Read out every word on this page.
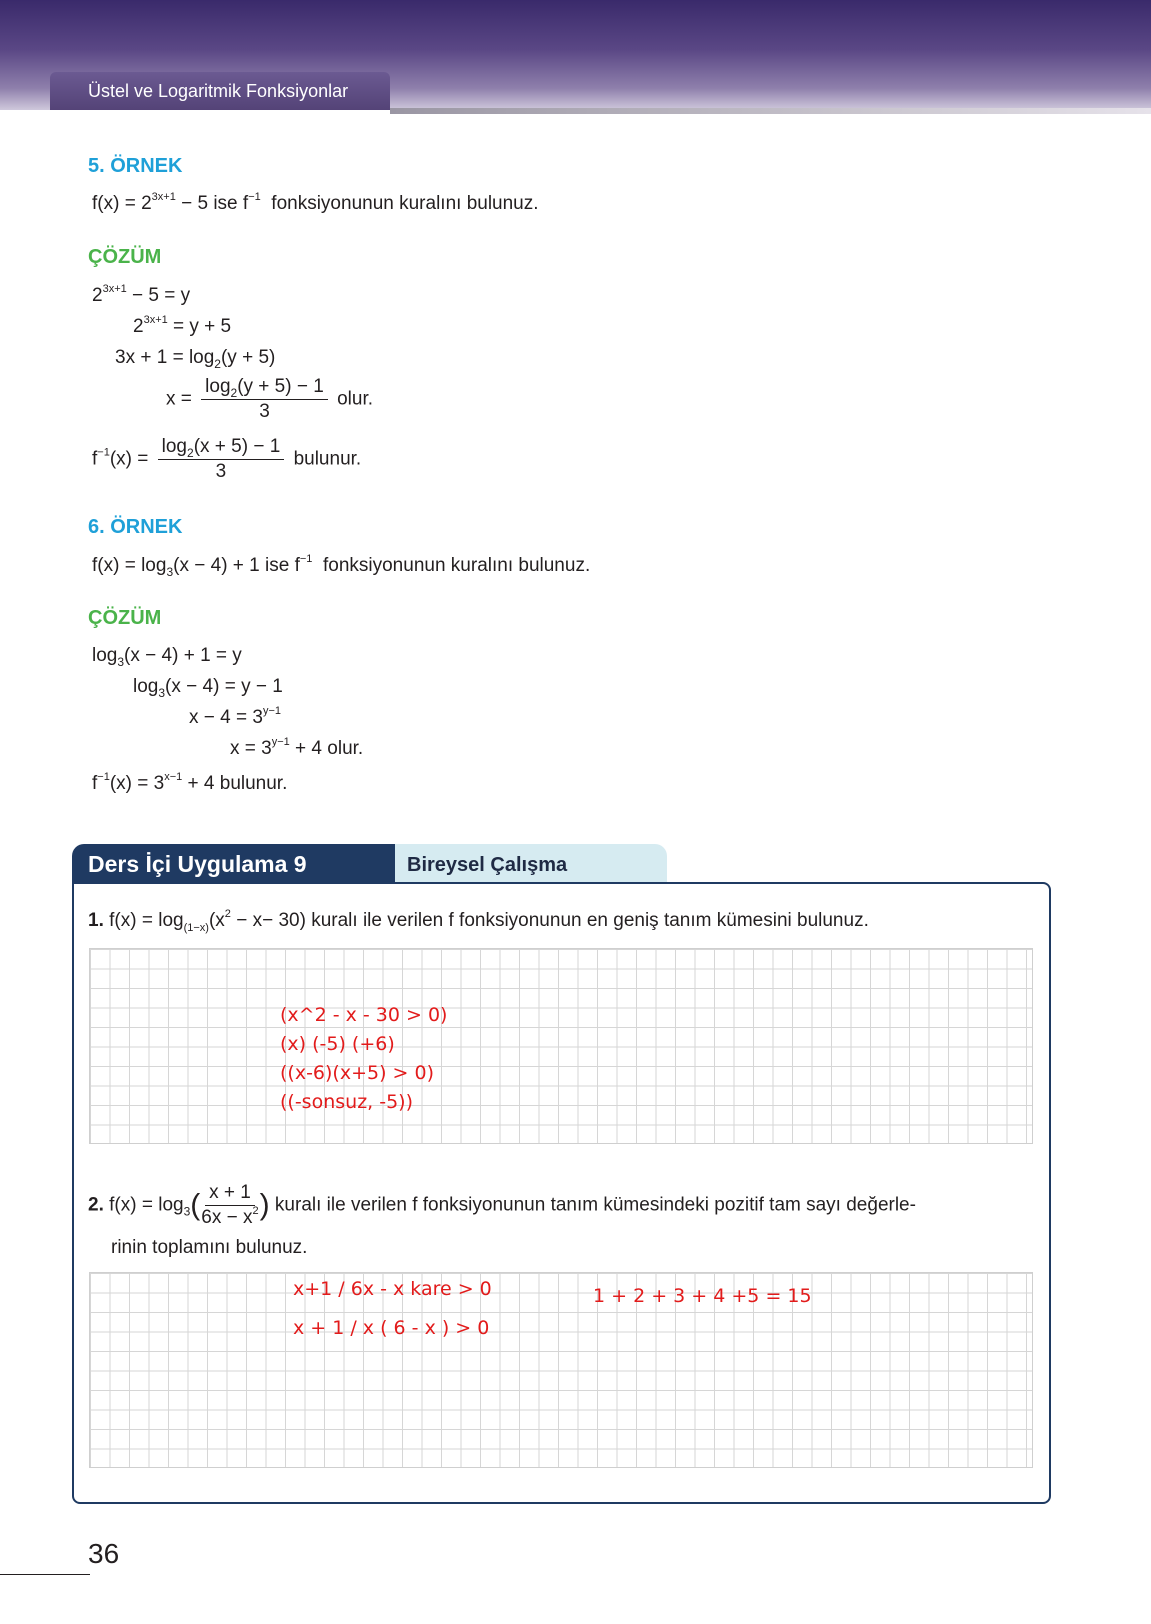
Üstel ve Logaritmik Fonksiyonlar
5. ÖRNEK
$f(x) = 2^{3x+1} - 5$ ise $f^{-1}$ fonksiyonunun kuralını bulunuz.
ÇÖZÜM
$2^{3x+1} - 5 = y$
$2^{3x+1} = y + 5$
$3x + 1 = \log_2(y + 5)$
$x = \frac{\log_2(y + 5) - 1}{3}$ olur.
$f^{-1}(x) = \frac{\log_2(x + 5) - 1}{3}$ bulunur.
6. ÖRNEK
$f(x) = \log_3(x - 4) + 1$ ise $f^{-1}$ fonksiyonunun kuralını bulunuz.
ÇÖZÜM
$\log_3(x - 4) + 1 = y$
$\log_3(x - 4) = y - 1$
$x - 4 = 3^{y-1}$
$x = 3^{y-1} + 4$ olur.
$f^{-1}(x) = 3^{x-1} + 4$ bulunur.
Ders İçi Uygulama 9	Bireysel Çalışma
1. $f(x) = \log_{(1-x)}(x^2 - x- 30)$ kuralı ile verilen f fonksiyonunun en geniş tanım kümesini bulunuz.
(x^2 - x - 30 > 0)
(x) (-5) (+6)
((x-6)(x+5) > 0)
((-sonsuz, -5))
2. $f(x) = \log_3( \frac{x + 1}{6x - x^2}$ ) kuralı ile verilen f fonksiyonunun tanım kümesindeki pozitif tam sayı değerle-
rinin toplamını bulunuz.
x+1 / 6x - x kare > 0
x + 1 / x ( 6 - x ) > 0
1 + 2 + 3 + 4 +5 = 15
36
